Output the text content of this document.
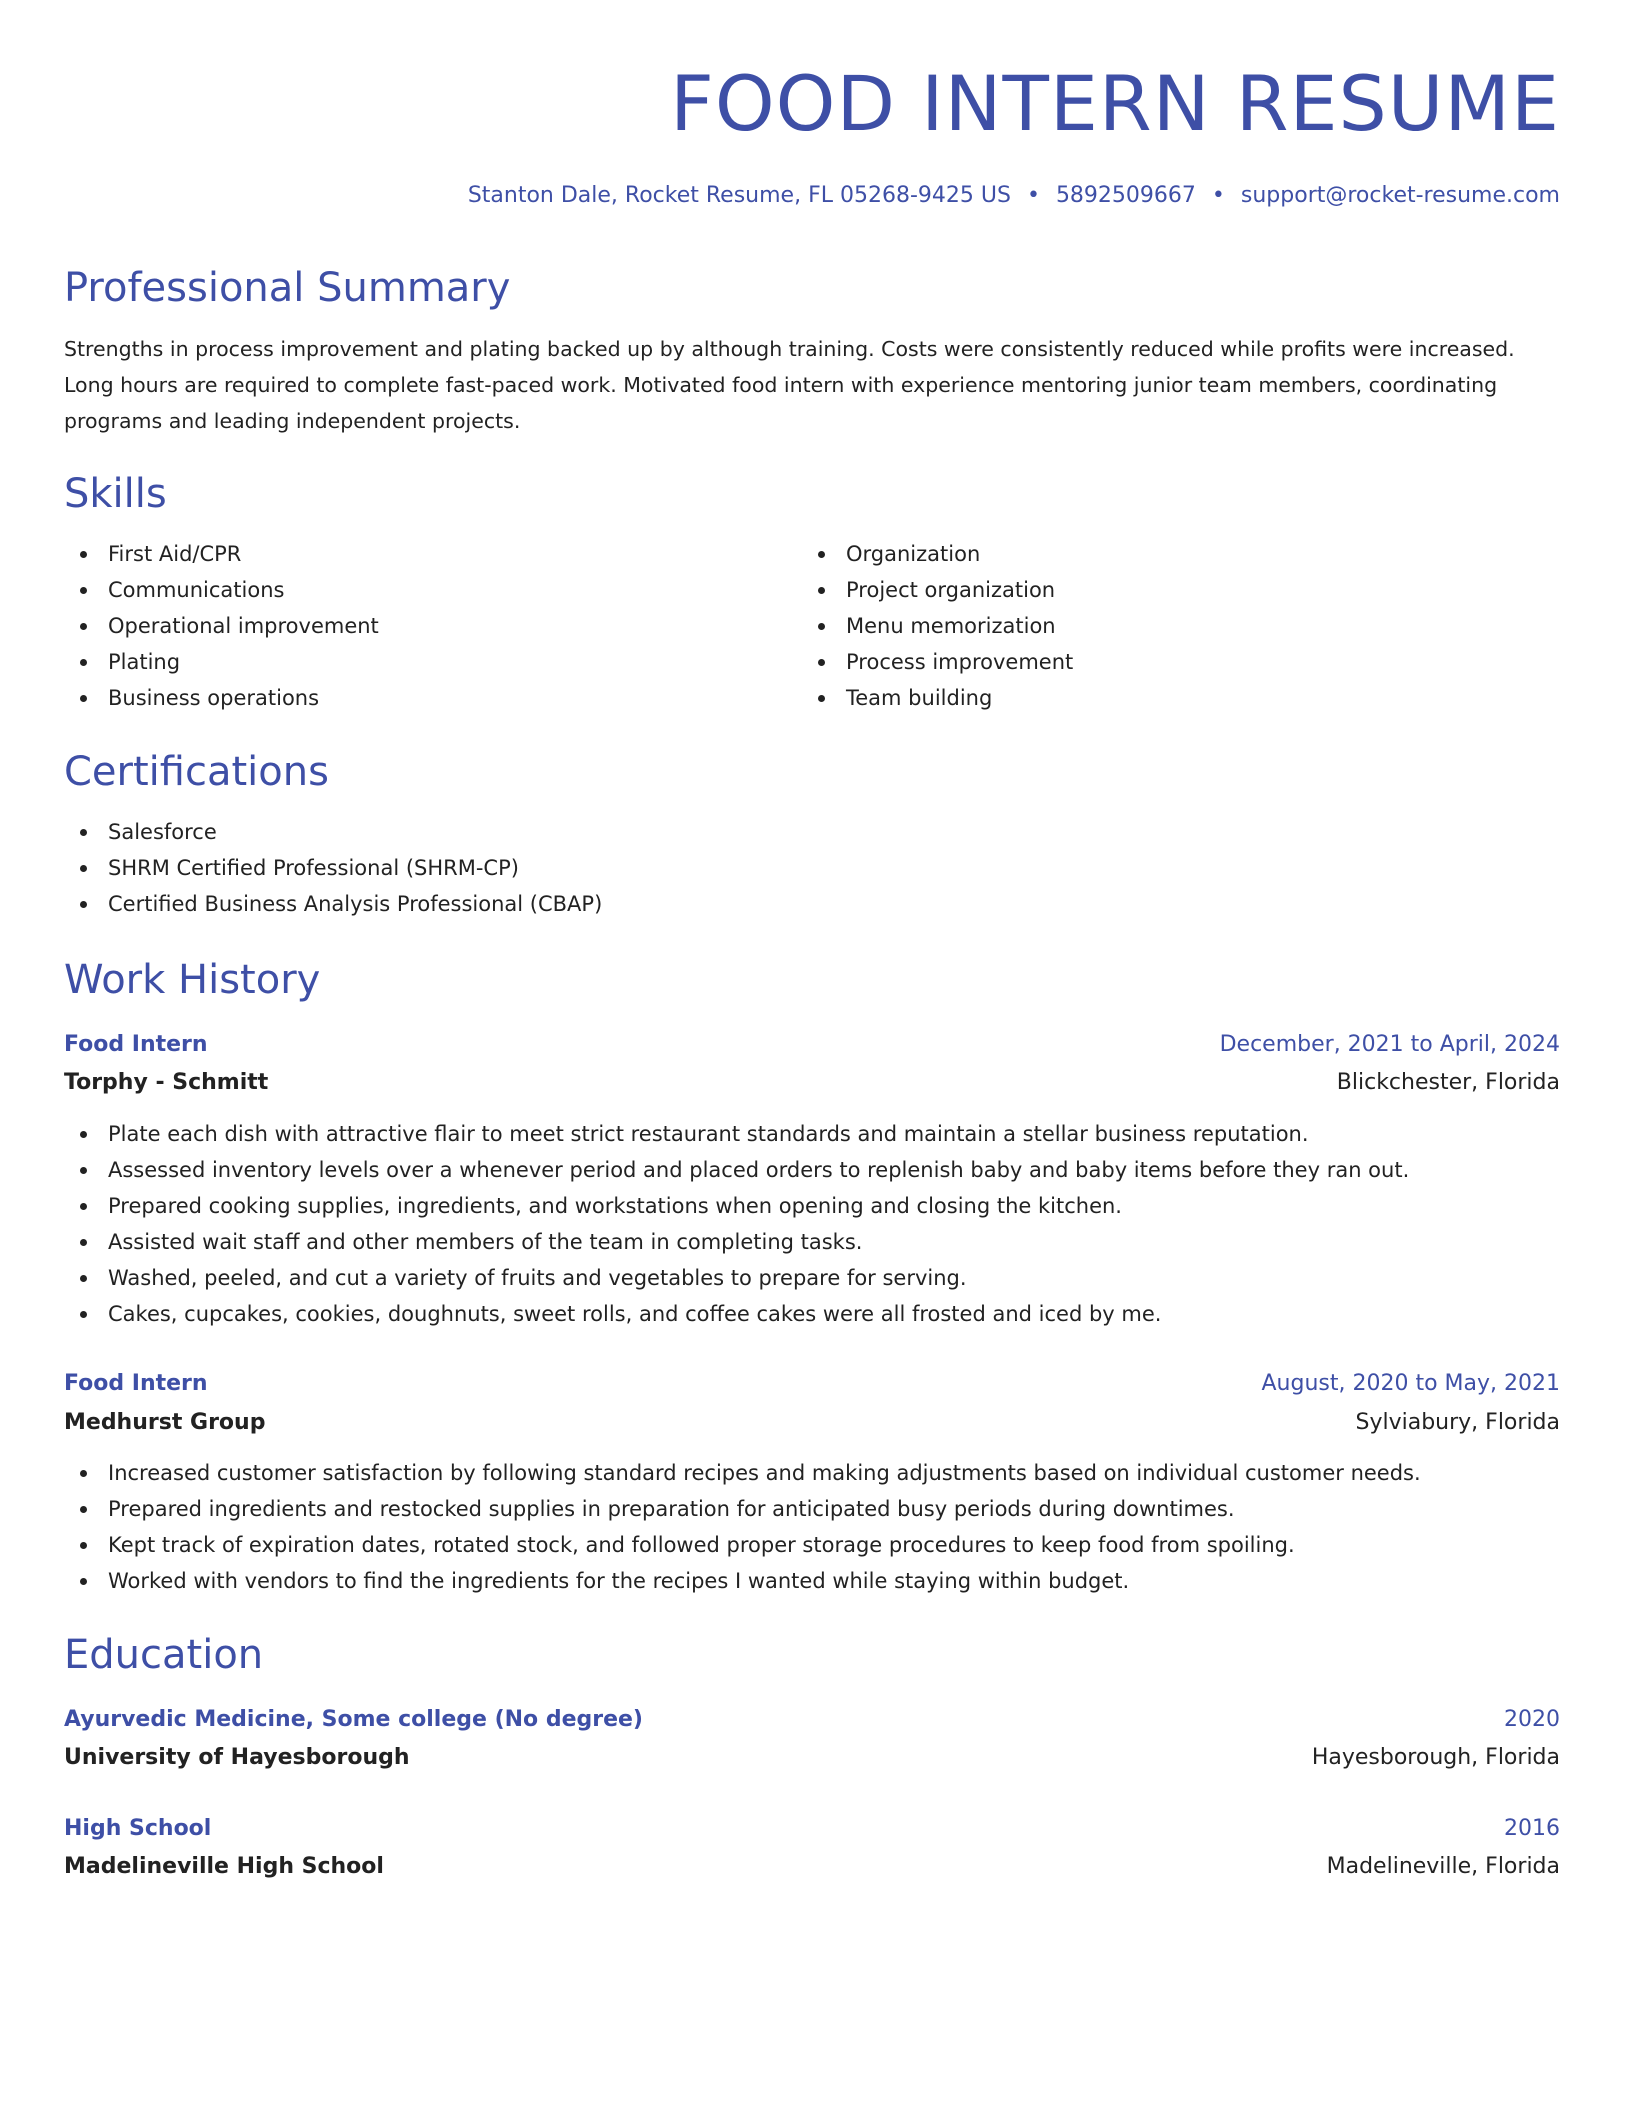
FOOD INTERN RESUME
Stanton Dale, Rocket Resume, FL 05268-9425 US • 5892509667 • support@rocket-resume.com
Professional Summary

Strengths in process improvement and plating backed up by although training. Costs were consistently reduced while profits were increased. Long hours are required to complete fast-paced work. Motivated food intern with experience mentoring junior team members, coordinating programs and leading independent projects.

Skills
First Aid/CPR
Communications
Operational improvement
Plating
Business operations
Organization
Project organization
Menu memorization
Process improvement
Team building
Certifications
Salesforce
SHRM Certified Professional (SHRM-CP)
Certified Business Analysis Professional (CBAP)
Work History
Food Intern	December, 2021 to April, 2024
Torphy - Schmitt	Blickchester, Florida
Plate each dish with attractive flair to meet strict restaurant standards and maintain a stellar business reputation.
Assessed inventory levels over a whenever period and placed orders to replenish baby and baby items before they ran out.
Prepared cooking supplies, ingredients, and workstations when opening and closing the kitchen.
Assisted wait staff and other members of the team in completing tasks.
Washed, peeled, and cut a variety of fruits and vegetables to prepare for serving.
Cakes, cupcakes, cookies, doughnuts, sweet rolls, and coffee cakes were all frosted and iced by me.
Food Intern	August, 2020 to May, 2021
Medhurst Group	Sylviabury, Florida
Increased customer satisfaction by following standard recipes and making adjustments based on individual customer needs.
Prepared ingredients and restocked supplies in preparation for anticipated busy periods during downtimes.
Kept track of expiration dates, rotated stock, and followed proper storage procedures to keep food from spoiling.
Worked with vendors to find the ingredients for the recipes I wanted while staying within budget.
Education
Ayurvedic Medicine, Some college (No degree)	2020
University of Hayesborough	Hayesborough, Florida
High School	2016
Madelineville High School	Madelineville, Florida
